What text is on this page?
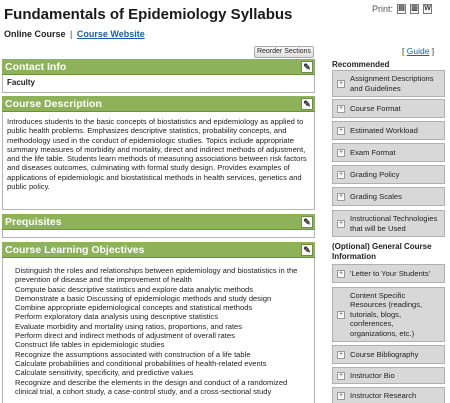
Fundamentals of Epidemiology Syllabus	Print: ▤ ▥ W
Online Course | Course Website
Reorder Sections
Contact Info	✎
Faculty
Course Description	✎

Introduces students to the basic concepts of biostatistics and epidemiology as applied to public health problems. Emphasizes descriptive statistics, probability concepts, and methodology used in the conduct of epidemiologic studies. Topics include appropriate summary measures of morbidity and mortality, direct and indirect methods of adjustment, and the life table. Students learn methods of measuring associations between risk factors and diseases outcomes, culminating with formal study design. Provides examples of applications of epidemiologic and biostatistical methods in health services, genetics and public policy.

Prequisites	✎
Course Learning Objectives	✎
Distinguish the roles and relationships between epidemiology and biostatistics in the prevention of disease and the improvement of health
Compute basic descriptive statistics and explore data analytic methods
Demonstrate a basic Discussing of epidemiologic methods and study design
Combine appropriate epidemiological concepts and statistical methods
Perform exploratory data analysis using descriptive statistics
Evaluate morbidity and mortality using ratios, proportions, and rates
Perform direct and indirect methods of adjustment of overall rates
Construct life tables in epidemiologic studies
Recognize the assumptions associated with construction of a life table
Calculate probabilities and conditional probabilities of health-related events
Calculate sensitivity, specificity, and predictive values
Recognize and describe the elements in the design and conduct of a randomized clinical trial, a cohort study, a case-control study, and a cross-sectional study
[ Guide ]
Recommended
+ Assignment Descriptions and Guidelines
+ Course Format
+ Estimated Workload
+ Exam Format
+ Grading Policy
+ Grading Scales
+ Instructional Technologies that will be Used
(Optional) General Course Information
+ 'Letter to Your Students'
+
Content Specific Resources (readings, tutorials, blogs, conferences, organizations, etc.)
+ Course Bibliography
+ Instructor Bio
+ Instructor Research
